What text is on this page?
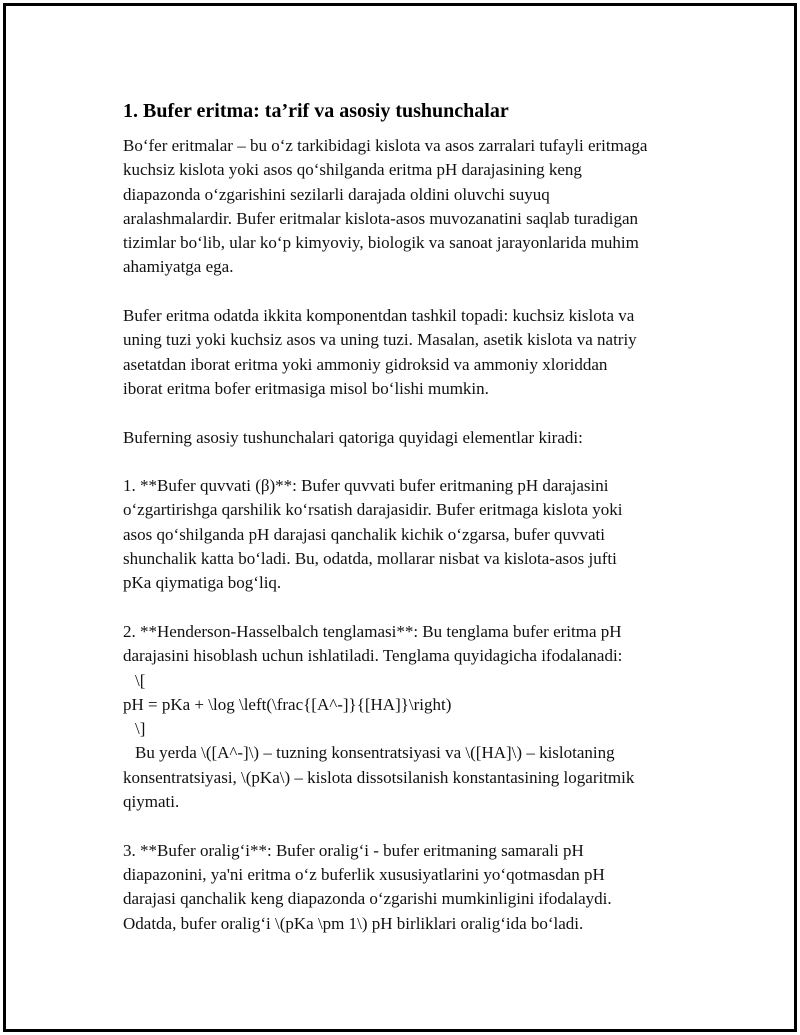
1. Bufer eritma: ta’rif va asosiy tushunchalar
Bo‘fer eritmalar – bu o‘z tarkibidagi kislota va asos zarralari tufayli eritmaga
kuchsiz kislota yoki asos qo‘shilganda eritma pH darajasining keng
diapazonda o‘zgarishini sezilarli darajada oldini oluvchi suyuq
aralashmalardir. Bufer eritmalar kislota-asos muvozanatini saqlab turadigan
tizimlar bo‘lib, ular ko‘p kimyoviy, biologik va sanoat jarayonlarida muhim
ahamiyatga ega.
Bufer eritma odatda ikkita komponentdan tashkil topadi: kuchsiz kislota va
uning tuzi yoki kuchsiz asos va uning tuzi. Masalan, asetik kislota va natriy
asetatdan iborat eritma yoki ammoniy gidroksid va ammoniy xloriddan
iborat eritma bofer eritmasiga misol bo‘lishi mumkin.
Buferning asosiy tushunchalari qatoriga quyidagi elementlar kiradi:
1. **Bufer quvvati (β)**: Bufer quvvati bufer eritmaning pH darajasini
o‘zgartirishga qarshilik ko‘rsatish darajasidir. Bufer eritmaga kislota yoki
asos qo‘shilganda pH darajasi qanchalik kichik o‘zgarsa, bufer quvvati
shunchalik katta bo‘ladi. Bu, odatda, mollarar nisbat va kislota-asos jufti
pKa qiymatiga bog‘liq.
2. **Henderson-Hasselbalch tenglamasi**: Bu tenglama bufer eritma pH
darajasini hisoblash uchun ishlatiladi. Tenglama quyidagicha ifodalanadi:
\[
pH = pKa + \log \left(\frac{[A^-]}{[HA]}\right)
\]
Bu yerda \([A^-]\) – tuzning konsentratsiyasi va \([HA]\) – kislotaning
konsentratsiyasi, \(pKa\) – kislota dissotsilanish konstantasining logaritmik
qiymati.
3. **Bufer oralig‘i**: Bufer oralig‘i - bufer eritmaning samarali pH
diapazonini, ya'ni eritma o‘z buferlik xususiyatlarini yo‘qotmasdan pH
darajasi qanchalik keng diapazonda o‘zgarishi mumkinligini ifodalaydi.
Odatda, bufer oralig‘i \(pKa \pm 1\) pH birliklari oralig‘ida bo‘ladi.
